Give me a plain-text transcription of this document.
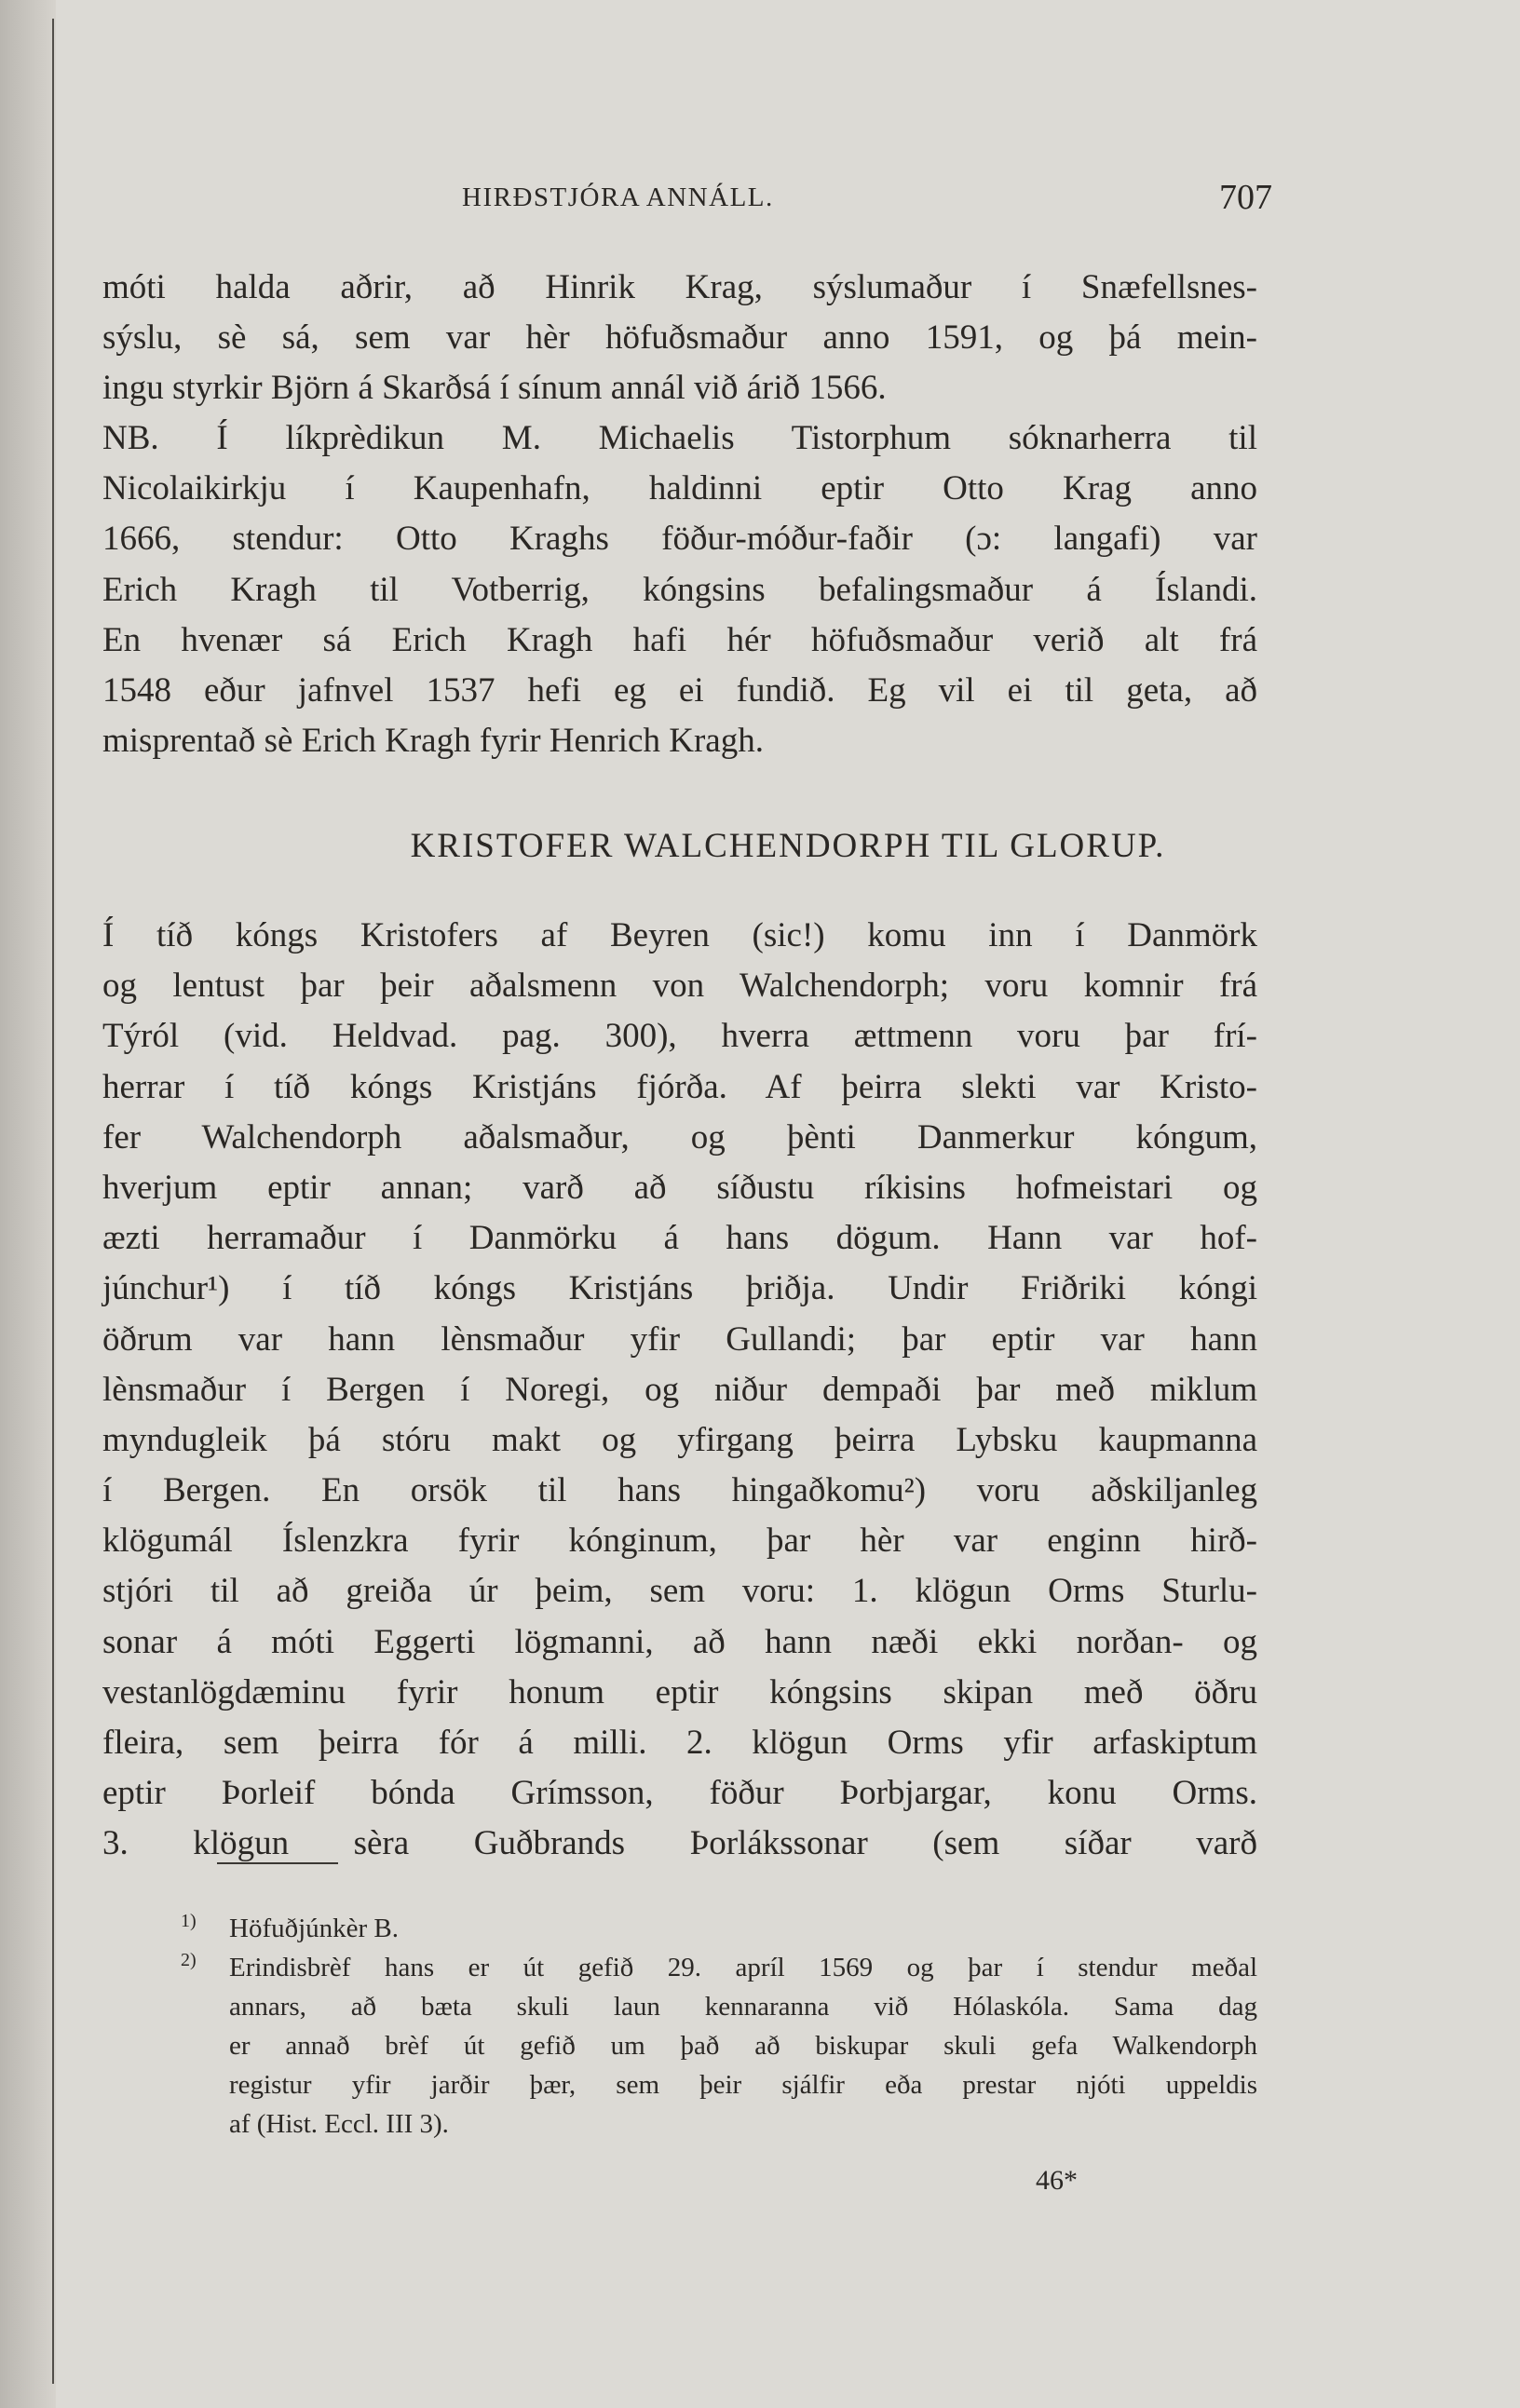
HIRÐSTJÓRA ANNÁLL.	707
móti halda aðrir, að Hinrik Krag, sýslumaður í Snæfellsnes-
sýslu, sè sá, sem var hèr höfuðsmaður anno 1591, og þá mein-
ingu styrkir Björn á Skarðsá í sínum annál við árið 1566.
NB. Í líkprèdikun M. Michaelis Tistorphum sóknarherra til
Nicolaikirkju í Kaupenhafn, haldinni eptir Otto Krag anno
1666, stendur: Otto Kraghs föður-móður-faðir (ɔ: langafi) var
Erich Kragh til Votberrig, kóngsins befalingsmaður á Íslandi.
En hvenær sá Erich Kragh hafi hér höfuðsmaður verið alt frá
1548 eður jafnvel 1537 hefi eg ei fundið. Eg vil ei til geta, að
misprentað sè Erich Kragh fyrir Henrich Kragh.
KRISTOFER WALCHENDORPH TIL GLORUP.
Í tíð kóngs Kristofers af Beyren (sic!) komu inn í Danmörk
og lentust þar þeir aðalsmenn von Walchendorph; voru komnir frá
Týról (vid. Heldvad. pag. 300), hverra ættmenn voru þar frí-
herrar í tíð kóngs Kristjáns fjórða. Af þeirra slekti var Kristo-
fer Walchendorph aðalsmaður, og þènti Danmerkur kóngum,
hverjum eptir annan; varð að síðustu ríkisins hofmeistari og
æzti herramaður í Danmörku á hans dögum. Hann var hof-
júnchur¹) í tíð kóngs Kristjáns þriðja. Undir Friðriki kóngi
öðrum var hann lènsmaður yfir Gullandi; þar eptir var hann
lènsmaður í Bergen í Noregi, og niður dempaði þar með miklum
myndugleik þá stóru makt og yfirgang þeirra Lybsku kaupmanna
í Bergen. En orsök til hans hingaðkomu²) voru aðskiljanleg
klögumál Íslenzkra fyrir kónginum, þar hèr var enginn hirð-
stjóri til að greiða úr þeim, sem voru: 1. klögun Orms Sturlu-
sonar á móti Eggerti lögmanni, að hann næði ekki norðan- og
vestanlögdæminu fyrir honum eptir kóngsins skipan með öðru
fleira, sem þeirra fór á milli. 2. klögun Orms yfir arfaskiptum
eptir Þorleif bónda Grímsson, föður Þorbjargar, konu Orms.
3. klögun sèra Guðbrands Þorlákssonar (sem síðar varð
1) Höfuðjúnkèr B.
2) Erindisbrèf hans er út gefið 29. apríl 1569 og þar í stendur meðal
annars, að bæta skuli laun kennaranna við Hólaskóla. Sama dag
er annað brèf út gefið um það að biskupar skuli gefa Walkendorph
registur yfir jarðir þær, sem þeir sjálfir eða prestar njóti uppeldis
af (Hist. Eccl. III 3).
46*
